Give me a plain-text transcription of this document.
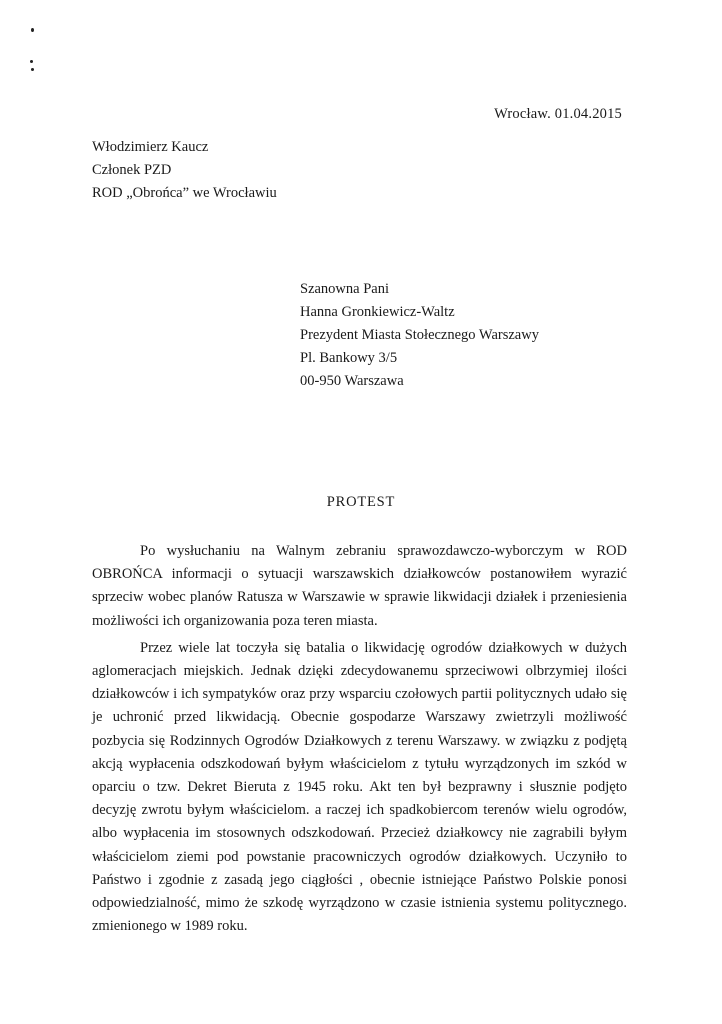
Wrocław. 01.04.2015
Włodzimierz Kaucz
Członek PZD
ROD „Obrońca” we Wrocławiu
Szanowna Pani
Hanna Gronkiewicz-Waltz
Prezydent Miasta Stołecznego Warszawy
Pl. Bankowy 3/5
00-950 Warszawa
PROTEST

Po wysłuchaniu na Walnym zebraniu sprawozdawczo-wyborczym w ROD OBROŃCA informacji o sytuacji warszawskich działkowców postanowiłem wyrazić sprzeciw wobec planów Ratusza w Warszawie w sprawie likwidacji działek i przeniesienia możliwości ich organizowania poza teren miasta.

Przez wiele lat toczyła się batalia o likwidację ogrodów działkowych w dużych aglomeracjach miejskich. Jednak dzięki zdecydowanemu sprzeciwowi olbrzymiej ilości działkowców i ich sympatyków oraz przy wsparciu czołowych partii politycznych udało się je uchronić przed likwidacją. Obecnie gospodarze Warszawy zwietrzyli możliwość pozbycia się Rodzinnych Ogrodów Działkowych z terenu Warszawy. w związku z podjętą akcją wypłacenia odszkodowań byłym właścicielom z tytułu wyrządzonych im szkód w oparciu o tzw. Dekret Bieruta z 1945 roku. Akt ten był bezprawny i słusznie podjęto decyzję zwrotu byłym właścicielom. a raczej ich spadkobiercom terenów wielu ogrodów, albo wypłacenia im stosownych odszkodowań. Przecież działkowcy nie zagrabili byłym właścicielom ziemi pod powstanie pracowniczych ogrodów działkowych. Uczyniło to Państwo i zgodnie z zasadą jego ciągłości , obecnie istniejące Państwo Polskie ponosi odpowiedzialność, mimo że szkodę wyrządzono w czasie istnienia systemu politycznego. zmienionego w 1989 roku.
